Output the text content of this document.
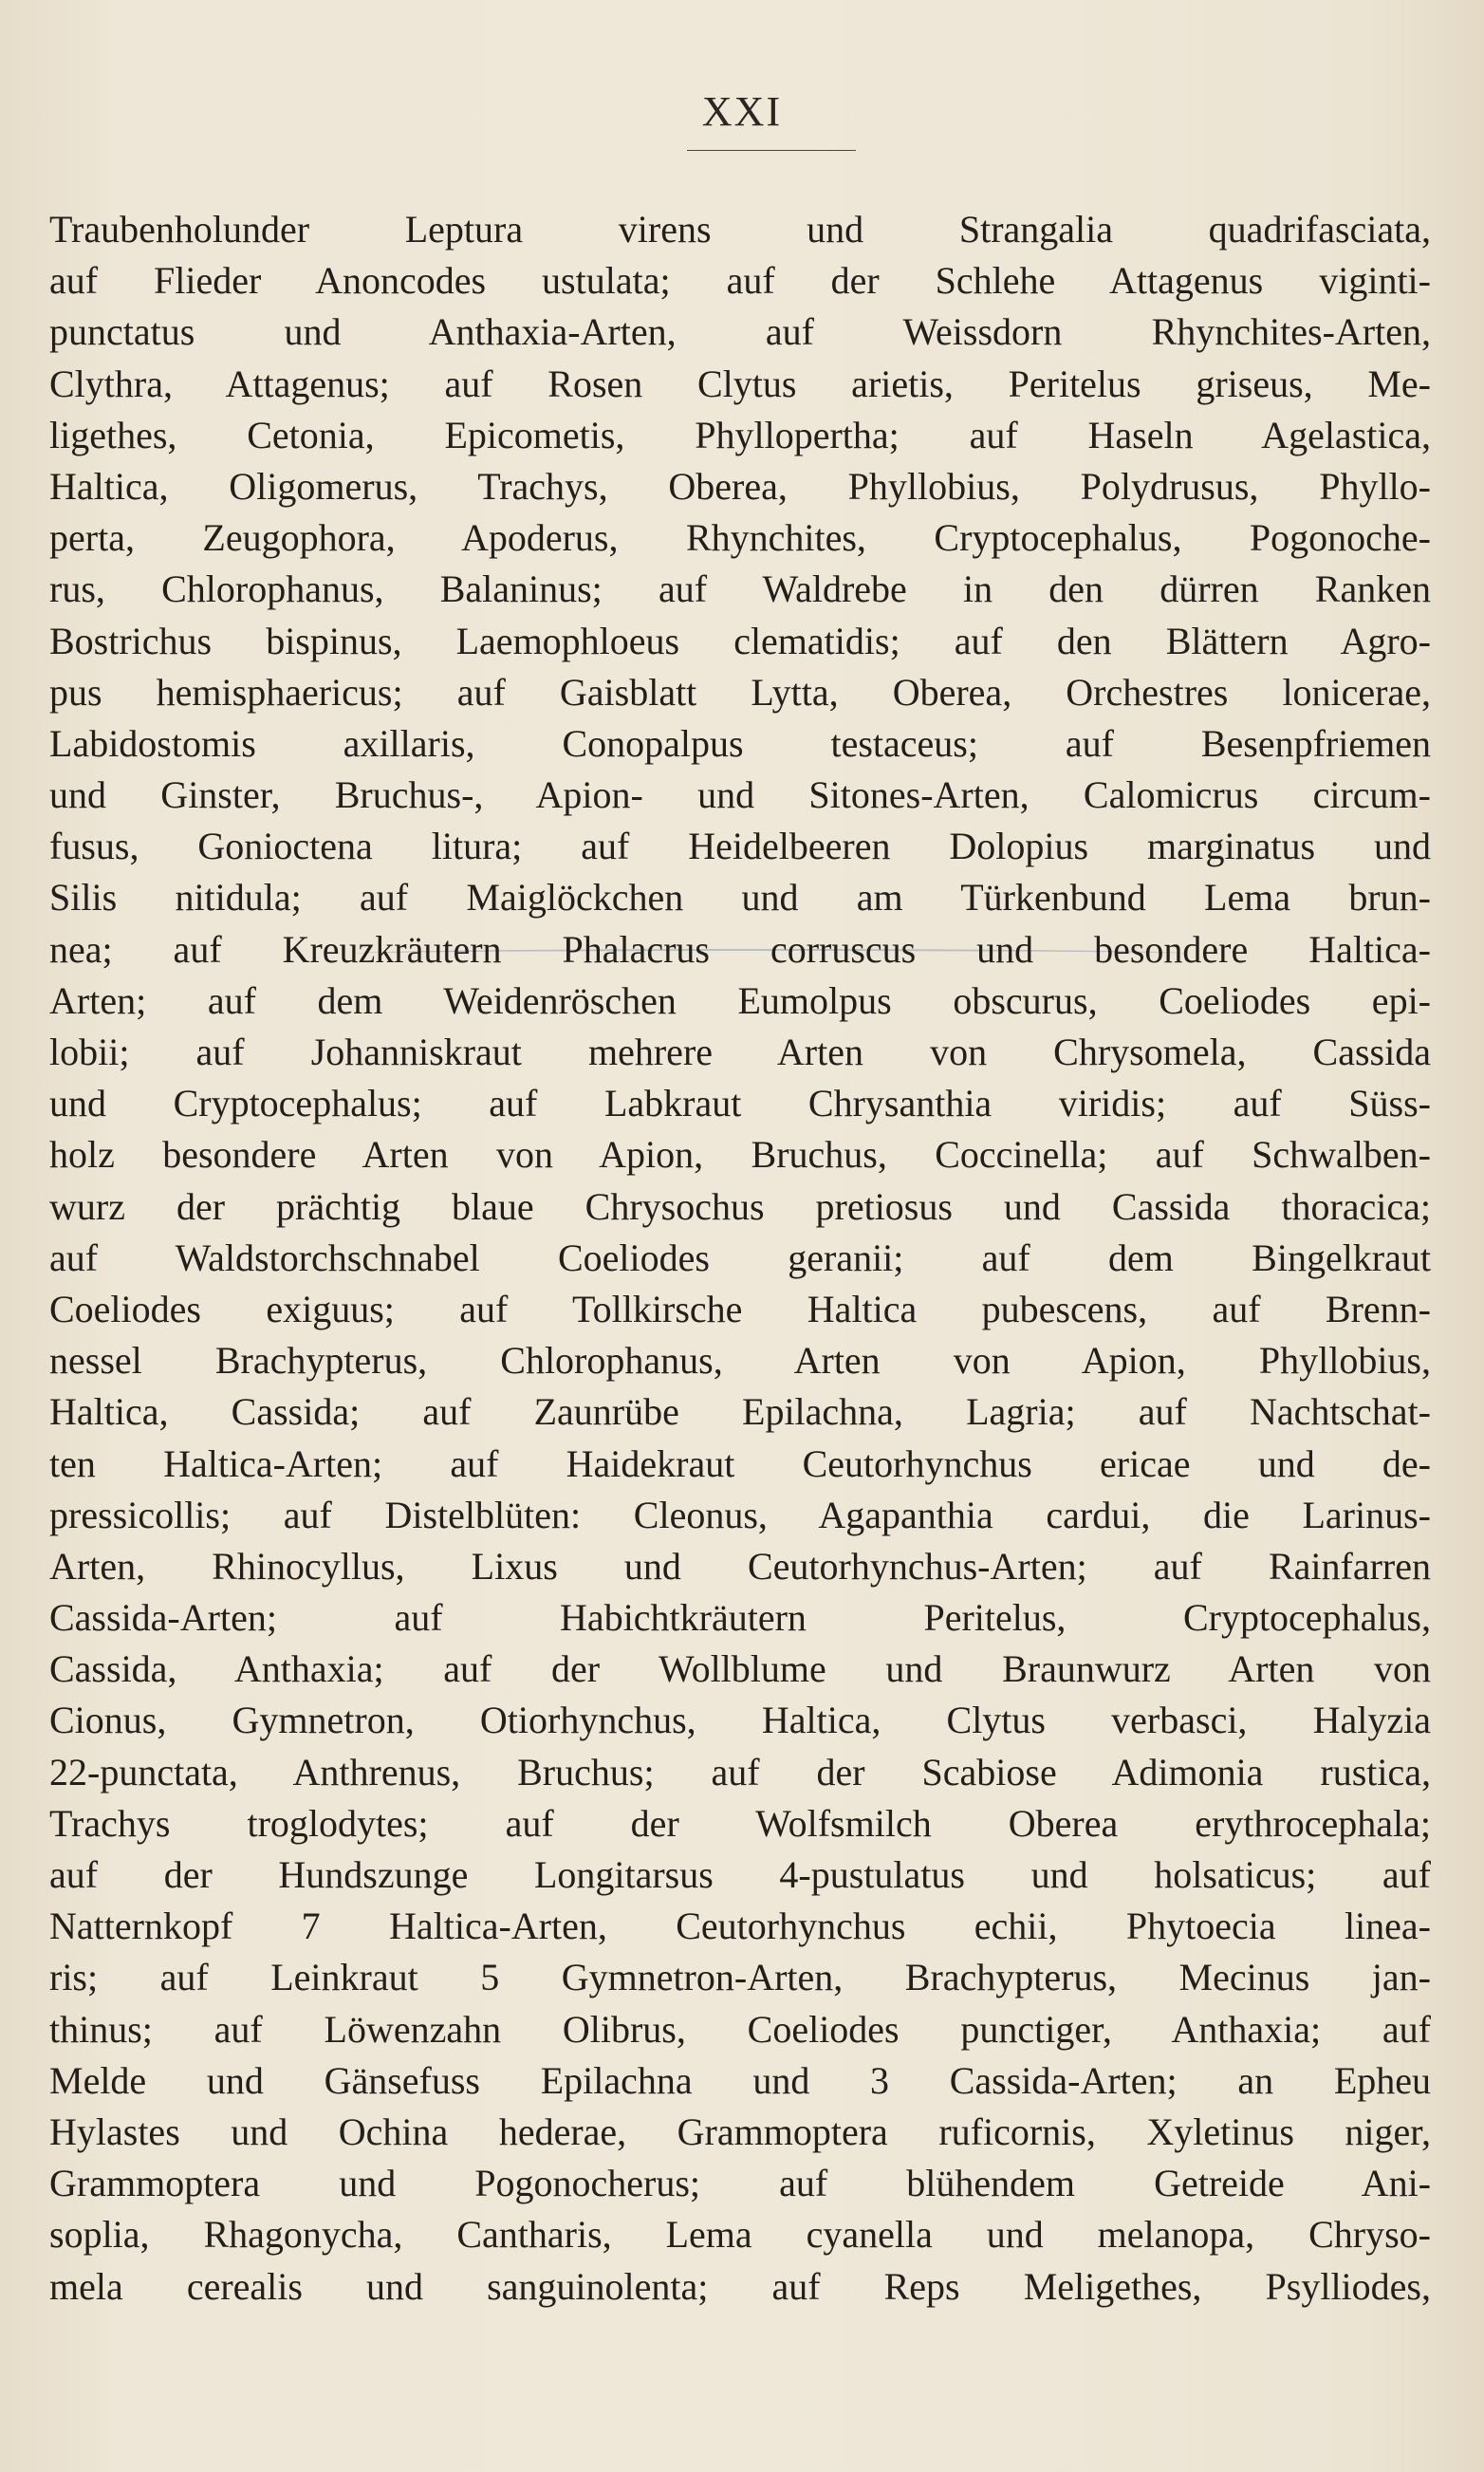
XXI

Traubenholunder Leptura virens und Strangalia quadrifasciata,
auf Flieder Anoncodes ustulata; auf der Schlehe Attagenus viginti-
punctatus und Anthaxia-Arten, auf Weissdorn Rhynchites-Arten,
Clythra, Attagenus; auf Rosen Clytus arietis, Peritelus griseus, Me-
ligethes, Cetonia, Epicometis, Phyllopertha; auf Haseln Agelastica,
Haltica, Oligomerus, Trachys, Oberea, Phyllobius, Polydrusus, Phyllo-
perta, Zeugophora, Apoderus, Rhynchites, Cryptocephalus, Pogonoche-
rus, Chlorophanus, Balaninus; auf Waldrebe in den dürren Ranken
Bostrichus bispinus, Laemophloeus clematidis; auf den Blättern Agro-
pus hemisphaericus; auf Gaisblatt Lytta, Oberea, Orchestres lonicerae,
Labidostomis axillaris, Conopalpus testaceus; auf Besenpfriemen
und Ginster, Bruchus-, Apion- und Sitones-Arten, Calomicrus circum-
fusus, Gonioctena litura; auf Heidelbeeren Dolopius marginatus und
Silis nitidula; auf Maiglöckchen und am Türkenbund Lema brun-
nea; auf Kreuzkräutern Phalacrus corruscus und besondere Haltica-
Arten; auf dem Weidenröschen Eumolpus obscurus, Coeliodes epi-
lobii; auf Johanniskraut mehrere Arten von Chrysomela, Cassida
und Cryptocephalus; auf Labkraut Chrysanthia viridis; auf Süss-
holz besondere Arten von Apion, Bruchus, Coccinella; auf Schwalben-
wurz der prächtig blaue Chrysochus pretiosus und Cassida thoracica;
auf Waldstorchschnabel Coeliodes geranii; auf dem Bingelkraut
Coeliodes exiguus; auf Tollkirsche Haltica pubescens, auf Brenn-
nessel Brachypterus, Chlorophanus, Arten von Apion, Phyllobius,
Haltica, Cassida; auf Zaunrübe Epilachna, Lagria; auf Nachtschat-
ten Haltica-Arten; auf Haidekraut Ceutorhynchus ericae und de-
pressicollis; auf Distelblüten: Cleonus, Agapanthia cardui, die Larinus-
Arten, Rhinocyllus, Lixus und Ceutorhynchus-Arten; auf Rainfarren
Cassida-Arten; auf Habichtkräutern Peritelus, Cryptocephalus,
Cassida, Anthaxia; auf der Wollblume und Braunwurz Arten von
Cionus, Gymnetron, Otiorhynchus, Haltica, Clytus verbasci, Halyzia
22-punctata, Anthrenus, Bruchus; auf der Scabiose Adimonia rustica,
Trachys troglodytes; auf der Wolfsmilch Oberea erythrocephala;
auf der Hundszunge Longitarsus 4-pustulatus und holsaticus; auf
Natternkopf 7 Haltica-Arten, Ceutorhynchus echii, Phytoecia linea-
ris; auf Leinkraut 5 Gymnetron-Arten, Brachypterus, Mecinus jan-
thinus; auf Löwenzahn Olibrus, Coeliodes punctiger, Anthaxia; auf
Melde und Gänsefuss Epilachna und 3 Cassida-Arten; an Epheu
Hylastes und Ochina hederae, Grammoptera ruficornis, Xyletinus niger,
Grammoptera und Pogonocherus; auf blühendem Getreide Ani-
soplia, Rhagonycha, Cantharis, Lema cyanella und melanopa, Chryso-
mela cerealis und sanguinolenta; auf Reps Meligethes, Psylliodes,
